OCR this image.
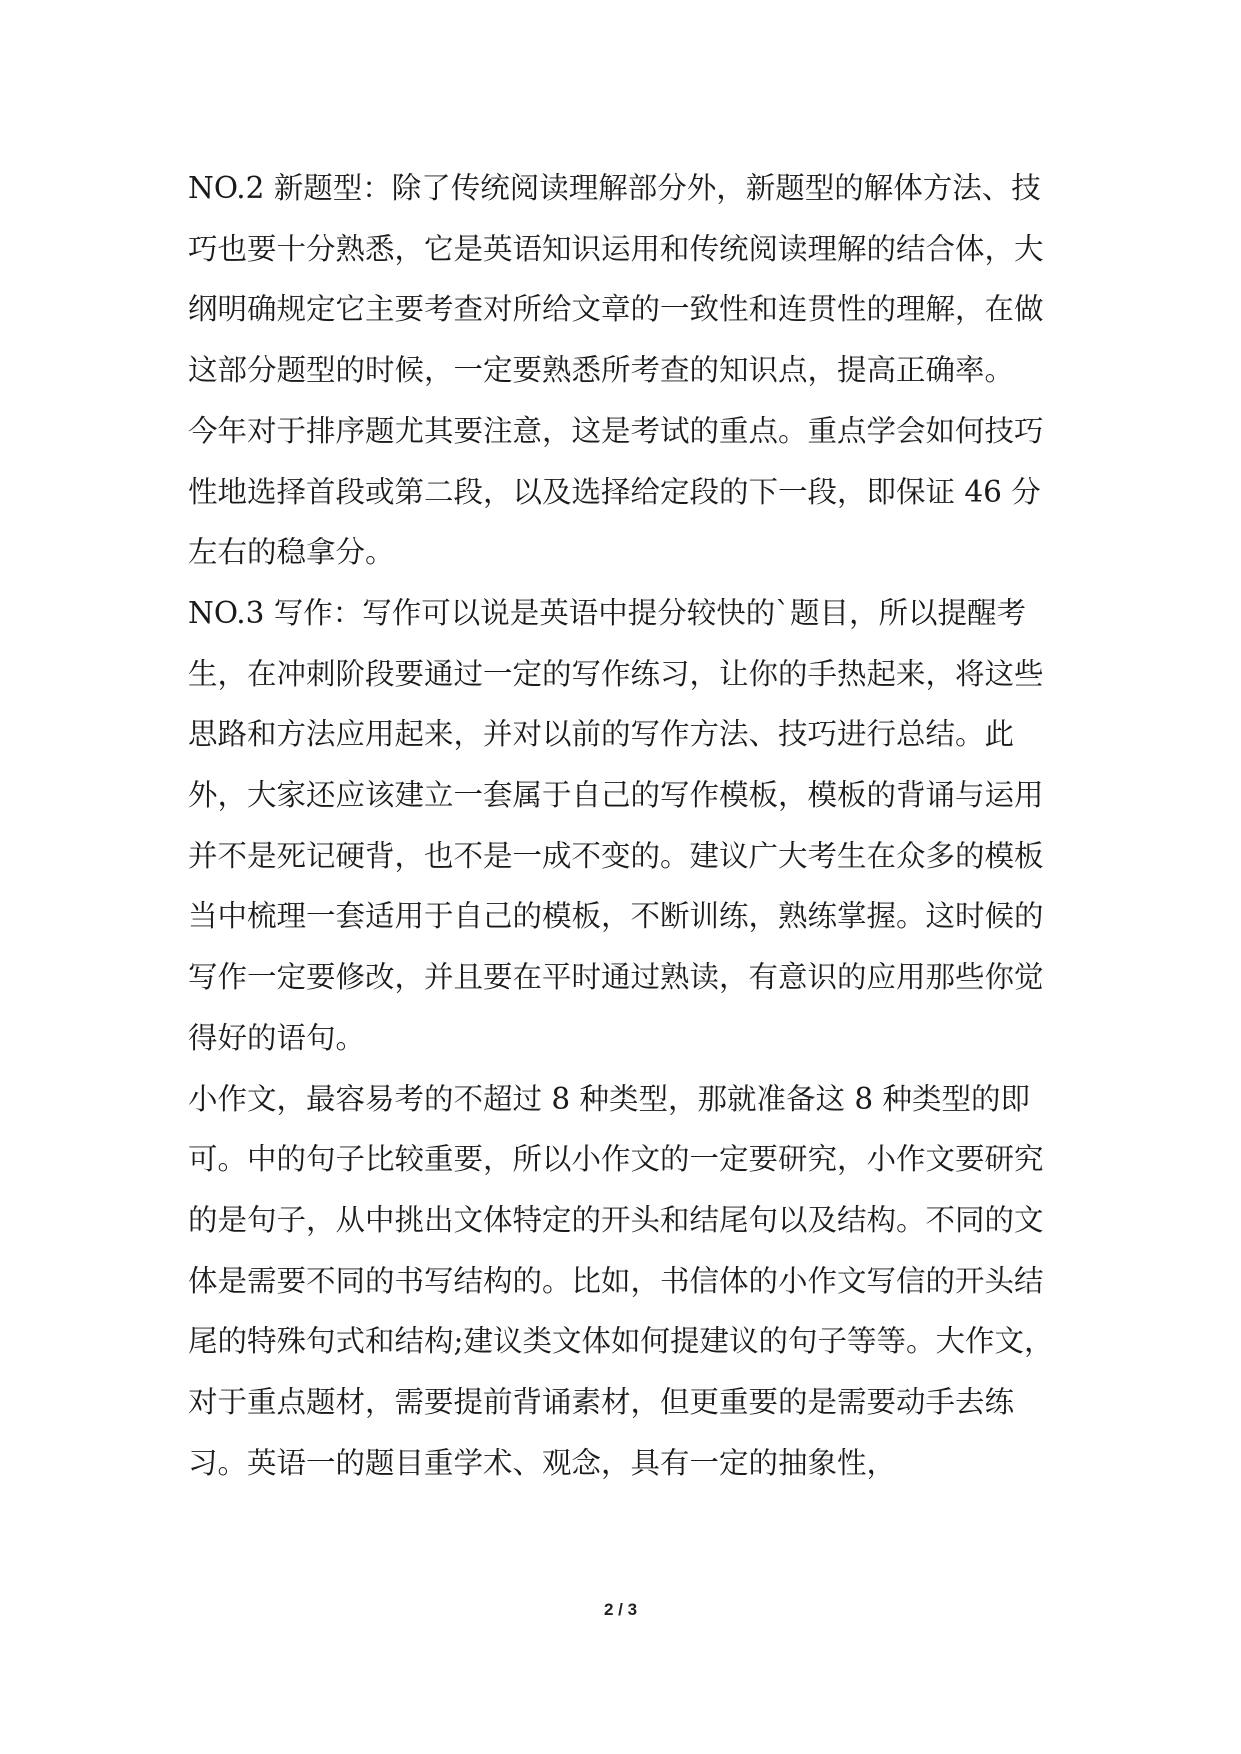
NO.2 新题型：除了传统阅读理解部分外，新题型的解体方法、技巧也要十分熟悉，它是英语知识运用和传统阅读理解的结合体，大纲明确规定它主要考查对所给文章的一致性和连贯性的理解，在做这部分题型的时候，一定要熟悉所考查的知识点，提高正确率。　　　今年对于排序题尤其要注意，这是考试的重点。重点学会如何技巧性地选择首段或第二段，以及选择给定段的下一段，即保证 46 分左右的稳拿分。

NO.3 写作：写作可以说是英语中提分较快的`题目，所以提醒考生，在冲刺阶段要通过一定的写作练习，让你的手热起来，将这些思路和方法应用起来，并对以前的写作方法、技巧进行总结。此外，大家还应该建立一套属于自己的写作模板，模板的背诵与运用并不是死记硬背，也不是一成不变的。建议广大考生在众多的模板当中梳理一套适用于自己的模板，不断训练，熟练掌握。这时候的写作一定要修改，并且要在平时通过熟读，有意识的应用那些你觉得好的语句。

小作文，最容易考的不超过 8 种类型，那就准备这 8 种类型的即可。中的句子比较重要，所以小作文的一定要研究，小作文要研究的是句子，从中挑出文体特定的开头和结尾句以及结构。不同的文体是需要不同的书写结构的。比如，书信体的小作文写信的开头结尾的特殊句式和结构;建议类文体如何提建议的句子等等。大作文，对于重点题材，需要提前背诵素材，但更重要的是需要动手去练习。英语一的题目重学术、观念，具有一定的抽象性，

2 / 3
